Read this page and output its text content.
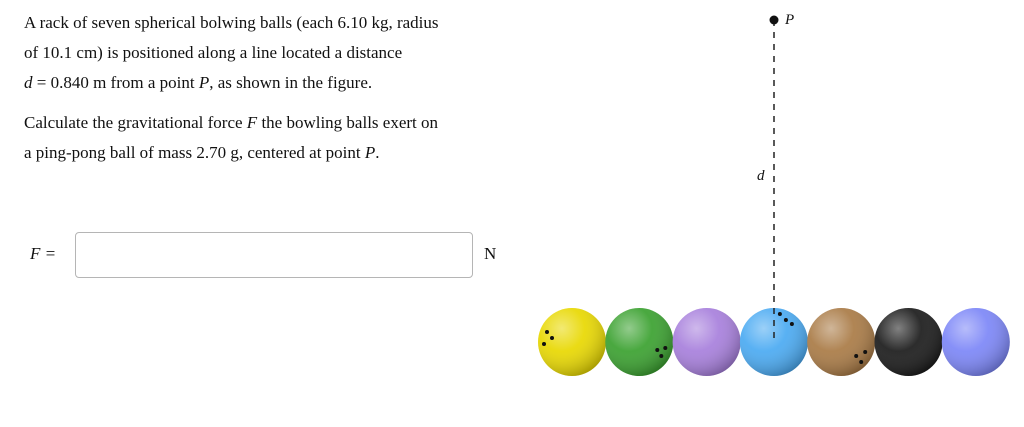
A rack of seven spherical bolwing balls (each 6.10 kg, radius
of 10.1 cm) is positioned along a line located a distance
d = 0.840 m from a point P, as shown in the figure.

Calculate the gravitational force F the bowling balls exert on
a ping-pong ball of mass 2.70 g, centered at point P.

F =	N
P
d
